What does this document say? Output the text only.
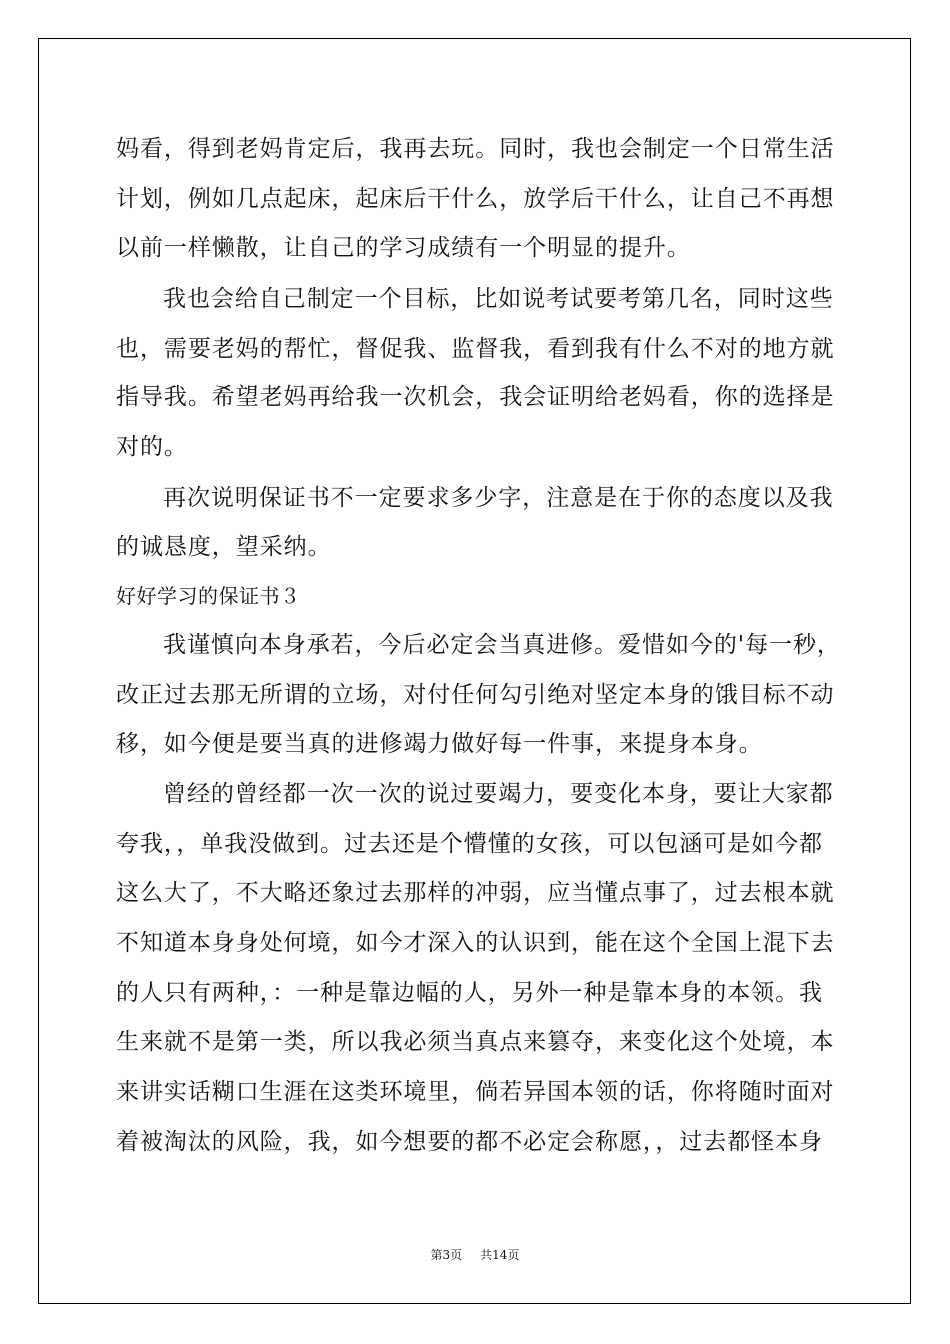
妈看，得到老妈肯定后，我再去玩。同时，我也会制定一个日常生活
计划，例如几点起床，起床后干什么，放学后干什么，让自己不再想
以前一样懒散，让自己的学习成绩有一个明显的提升。
我也会给自己制定一个目标，比如说考试要考第几名，同时这些
也，需要老妈的帮忙，督促我、监督我，看到我有什么不对的地方就
指导我。希望老妈再给我一次机会，我会证明给老妈看，你的选择是
对的。
再次说明保证书不一定要求多少字，注意是在于你的态度以及我
的诚恳度，望采纳。
好好学习的保证书３
我谨慎向本身承若，今后必定会当真进修。爱惜如今的'每一秒，
改正过去那无所谓的立场，对付任何勾引绝对坚定本身的饿目标不动
移，如今便是要当真的进修竭力做好每一件事，来提身本身。
曾经的曾经都一次一次的说过要竭力，要变化本身，要让大家都
夸我，，单我没做到。过去还是个懵懂的女孩，可以包涵可是如今都
这么大了，不大略还象过去那样的冲弱，应当懂点事了，过去根本就
不知道本身身处何境，如今才深入的认识到，能在这个全国上混下去
的人只有两种，：一种是靠边幅的人，另外一种是靠本身的本领。我
生来就不是第一类，所以我必须当真点来篡夺，来变化这个处境，本
来讲实话糊口生涯在这类环境里，倘若异国本领的话，你将随时面对
着被淘汰的风险，我，如今想要的都不必定会称愿，，过去都怪本身
第3页 共14页
